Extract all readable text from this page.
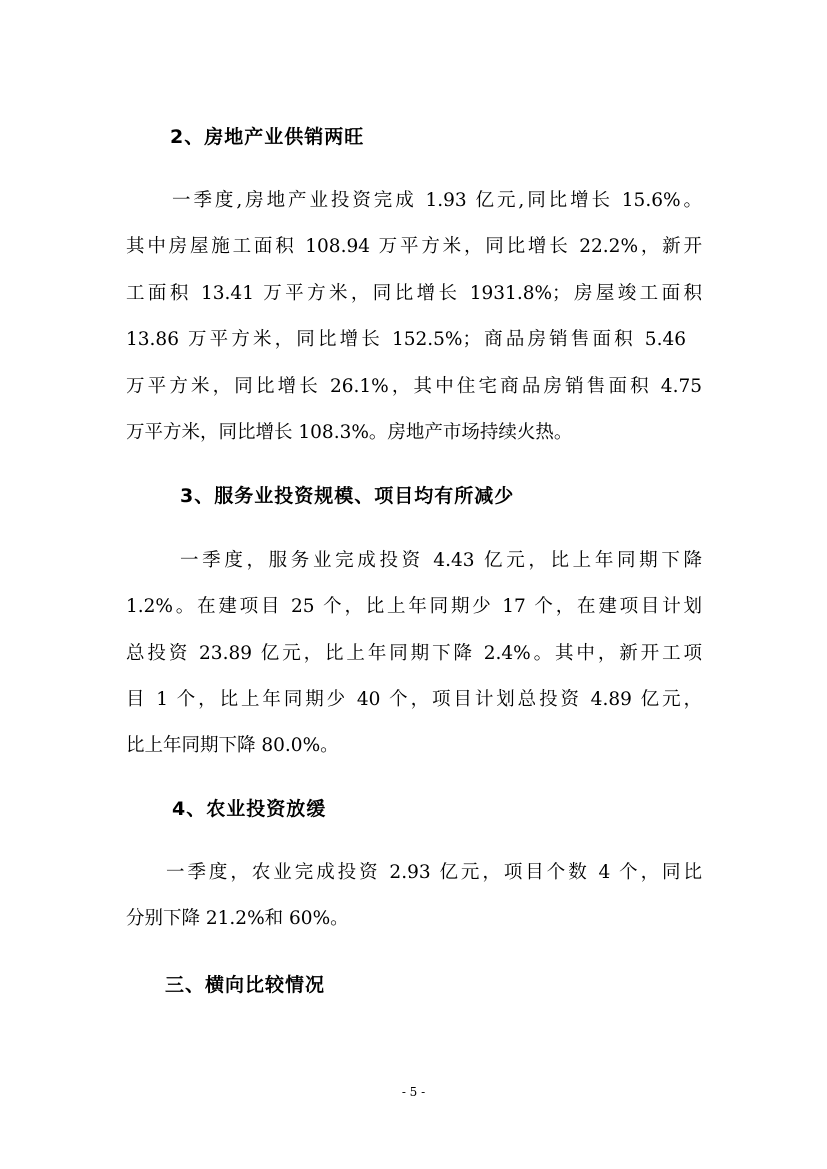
2、房地产业供销两旺
一季度,房地产业投资完成 1.93 亿元,同比增长 15.6%。
其中房屋施工面积 108.94 万平方米，同比增长 22.2%，新开
工面积 13.41 万平方米，同比增长 1931.8%；房屋竣工面积
13.86 万平方米，同比增长 152.5%；商品房销售面积 5.46
万平方米，同比增长 26.1%，其中住宅商品房销售面积 4.75
万平方米，同比增长 108.3%。房地产市场持续火热。
3、服务业投资规模、项目均有所减少
一季度，服务业完成投资 4.43 亿元，比上年同期下降
1.2%。在建项目 25 个，比上年同期少 17 个，在建项目计划
总投资 23.89 亿元，比上年同期下降 2.4%。其中，新开工项
目 1 个，比上年同期少 40 个，项目计划总投资 4.89 亿元，
比上年同期下降 80.0%。
4、农业投资放缓
一季度，农业完成投资 2.93 亿元，项目个数 4 个，同比
分别下降 21.2%和 60%。
三、横向比较情况
- 5 -
